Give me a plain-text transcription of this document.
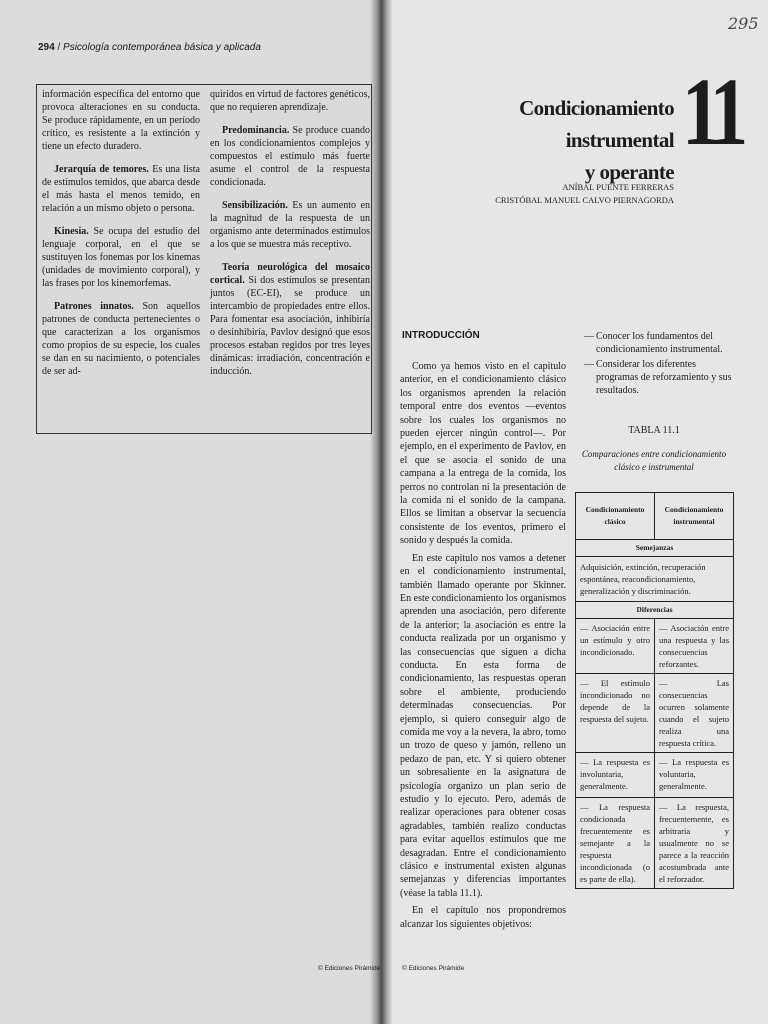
294 / Psicología contemporánea básica y aplicada

información específica del entorno que provoca alteraciones en su conducta. Se produce rápidamente, en un período crítico, es resistente a la extinción y tiene un efecto duradero.

Jerarquía de temores. Es una lista de estímulos temidos, que abarca desde el más hasta el menos temido, en relación a un mismo objeto o persona.

Kinesia. Se ocupa del estudio del lenguaje corporal, en el que se sustituyen los fonemas por los kinemas (unidades de movimiento corporal), y las frases por los kinemorfemas.

Patrones innatos. Son aquellos patrones de conducta pertenecientes o que caracterizan a los organismos como propios de su especie, los cuales se dan en su nacimiento, o potenciales de ser ad-

quiridos en virtud de factores genéticos, que no requieren aprendizaje.

Predominancia. Se produce cuando en los condicionamientos complejos y compuestos el estímulo más fuerte asume el control de la respuesta condicionada.

Sensibilización. Es un aumento en la magnitud de la respuesta de un organismo ante determinados estímulos a los que se muestra más receptivo.

Teoría neurológica del mosaico cortical. Si dos estímulos se presentan juntos (EC-EI), se produce un intercambio de propiedades entre ellos. Para fomentar esa asociación, inhibiría o desinhibiría, Pavlov designó que esos procesos estaban regidos por tres leyes dinámicas: irradiación, concentración e inducción.

© Ediciones Pirámide
295
Condicionamiento instrumental
y operante
11
ANÍBAL PUENTE FERRERAS
CRISTÓBAL MANUEL CALVO PIERNAGORDA
INTRODUCCIÓN

Como ya hemos visto en el capítulo anterior, en el condicionamiento clásico los organismos aprenden la relación temporal entre dos eventos —eventos sobre los cuales los organismos no pueden ejercer ningún control—. Por ejemplo, en el experimento de Pavlov, en el que se asocia el sonido de una campana a la entrega de la comida, los perros no controlan ni la presentación de la comida ni el sonido de la campana. Ellos se limitan a observar la secuencia consistente de los eventos, primero el sonido y después la comida.

En este capítulo nos vamos a detener en el condicionamiento instrumental, también llamado operante por Skinner. En este condicionamiento los organismos aprenden una asociación, pero diferente de la anterior; la asociación es entre la conducta realizada por un organismo y las consecuencias que siguen a dicha conducta. En esta forma de condicionamiento, las respuestas operan sobre el ambiente, produciendo determinadas consecuencias. Por ejemplo, si quiero conseguir algo de comida me voy a la nevera, la abro, tomo un trozo de queso y jamón, relleno un pedazo de pan, etc. Y si quiero obtener un sobresaliente en la asignatura de psicología organizo un plan serio de estudio y lo ejecuto. Pero, además de realizar operaciones para obtener cosas agradables, también realizo conductas para evitar aquellos estímulos que me desagradan. Entre el condicionamiento clásico e instrumental existen algunas semejanzas y diferencias importantes (véase la tabla 11.1).

En el capítulo nos propondremos alcanzar los siguientes objetivos:

— Conocer los fundamentos del condicionamiento instrumental.
— Considerar los diferentes programas de reforzamiento y sus resultados.
TABLA 11.1
Comparaciones entre condicionamiento clásico e instrumental
Condicionamiento clásico	Condicionamiento instrumental
Semejanzas	
Adquisición, extinción, recuperación espontánea, reacondicionamiento, generalización y discriminación.	
Diferencias	
— Asociación entre un estímulo y otro incondicionado.	— Asociación entre una respuesta y las consecuencias reforzantes.
— El estímulo incondicionado no depende de la respuesta del sujeto.	— Las consecuencias ocurren solamente cuando el sujeto realiza una respuesta crítica.
— La respuesta es involuntaria, generalmente.	— La respuesta es voluntaria, generalmente.
— La respuesta condicionada frecuentemente es semejante a la respuesta incondicionada (o es parte de ella).	— La respuesta, frecuentemente, es arbitraria y usualmente no se parece a la reacción acostumbrada ante el reforzador.
© Ediciones Pirámide
